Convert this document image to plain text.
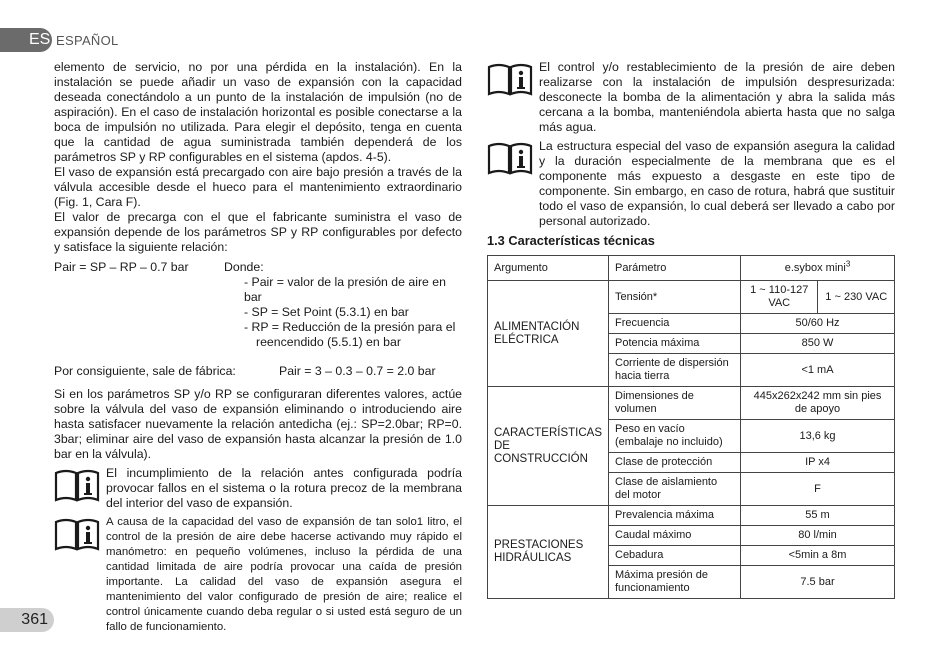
ES ESPAÑOL

elemento de servicio, no por una pérdida en la instalación). En la instalación se puede añadir un vaso de expansión con la capacidad deseada conectándolo a un punto de la instalación de impulsión (no de aspiración). En el caso de instalación horizontal es posible conectarse a la boca de impulsión no utilizada. Para elegir el depósito, tenga en cuenta que la cantidad de agua suministrada también dependerá de los parámetros SP y RP configurables en el sistema (apdos. 4-5).

El vaso de expansión está precargado con aire bajo presión a través de la válvula accesible desde el hueco para el mantenimiento extraordinario (Fig. 1, Cara F).

El valor de precarga con el que el fabricante suministra el vaso de expansión depende de los parámetros SP y RP configurables por defecto y satisface la siguiente relación:

Pair = SP – RP – 0.7 bar	Donde:
- Pair = valor de la presión de aire en bar
- SP = Set Point (5.3.1) en bar
- RP = Reducción de la presión para el reencendido (5.5.1) en bar
Por consiguiente, sale de fábrica:	Pair = 3 – 0.3 – 0.7 = 2.0 bar

Si en los parámetros SP y/o RP se configuraran diferentes valores, actúe sobre la válvula del vaso de expansión eliminando o introduciendo aire hasta satisfacer nuevamente la relación antedicha (ej.: SP=2.0bar; RP=0. 3bar; eliminar aire del vaso de expansión hasta alcanzar la presión de 1.0 bar en la válvula).

El incumplimiento de la relación antes configurada podría provocar fallos en el sistema o la rotura precoz de la membrana del interior del vaso de expansión.

A causa de la capacidad del vaso de expansión de tan solo1 litro, el control de la presión de aire debe hacerse activando muy rápido el manómetro: en pequeño volúmenes, incluso la pérdida de una cantidad limitada de aire podría provocar una caída de presión importante. La calidad del vaso de expansión asegura el mantenimiento del valor configurado de presión de aire; realice el control únicamente cuando deba regular o si usted está seguro de un fallo de funcionamiento.

El control y/o restablecimiento de la presión de aire deben realizarse con la instalación de impulsión despresurizada: desconecte la bomba de la alimentación y abra la salida más cercana a la bomba, manteniéndola abierta hasta que no salga más agua.

La estructura especial del vaso de expansión asegura la calidad y la duración especialmente de la membrana que es el componente más expuesto a desgaste en este tipo de componente. Sin embargo, en caso de rotura, habrá que sustituir todo el vaso de expansión, lo cual deberá ser llevado a cabo por personal autorizado.

1.3 Características técnicas
Argumento	Parámetro	e.sybox mini$^3$
ALIMENTACIÓN ELÉCTRICA	Tensión*	1 ~ 110-127 VAC	1 ~ 230 VAC
	Frecuencia	50/60 Hz	
	Potencia máxima	850 W	
	Corriente de dispersión hacia tierra	<1 mA	
CARACTERÍSTICAS DE CONSTRUCCIÓN	Dimensiones de volumen	445x262x242 mm sin pies de apoyo	
	Peso en vacío (embalaje no incluido)	13,6 kg	
	Clase de protección	IP x4	
	Clase de aislamiento del motor	F	
PRESTACIONES HIDRÁULICAS	Prevalencia máxima	55 m	
	Caudal máximo	80 l/min	
	Cebadura	<5min a 8m	
	Máxima presión de funcionamiento	7.5 bar	
361
